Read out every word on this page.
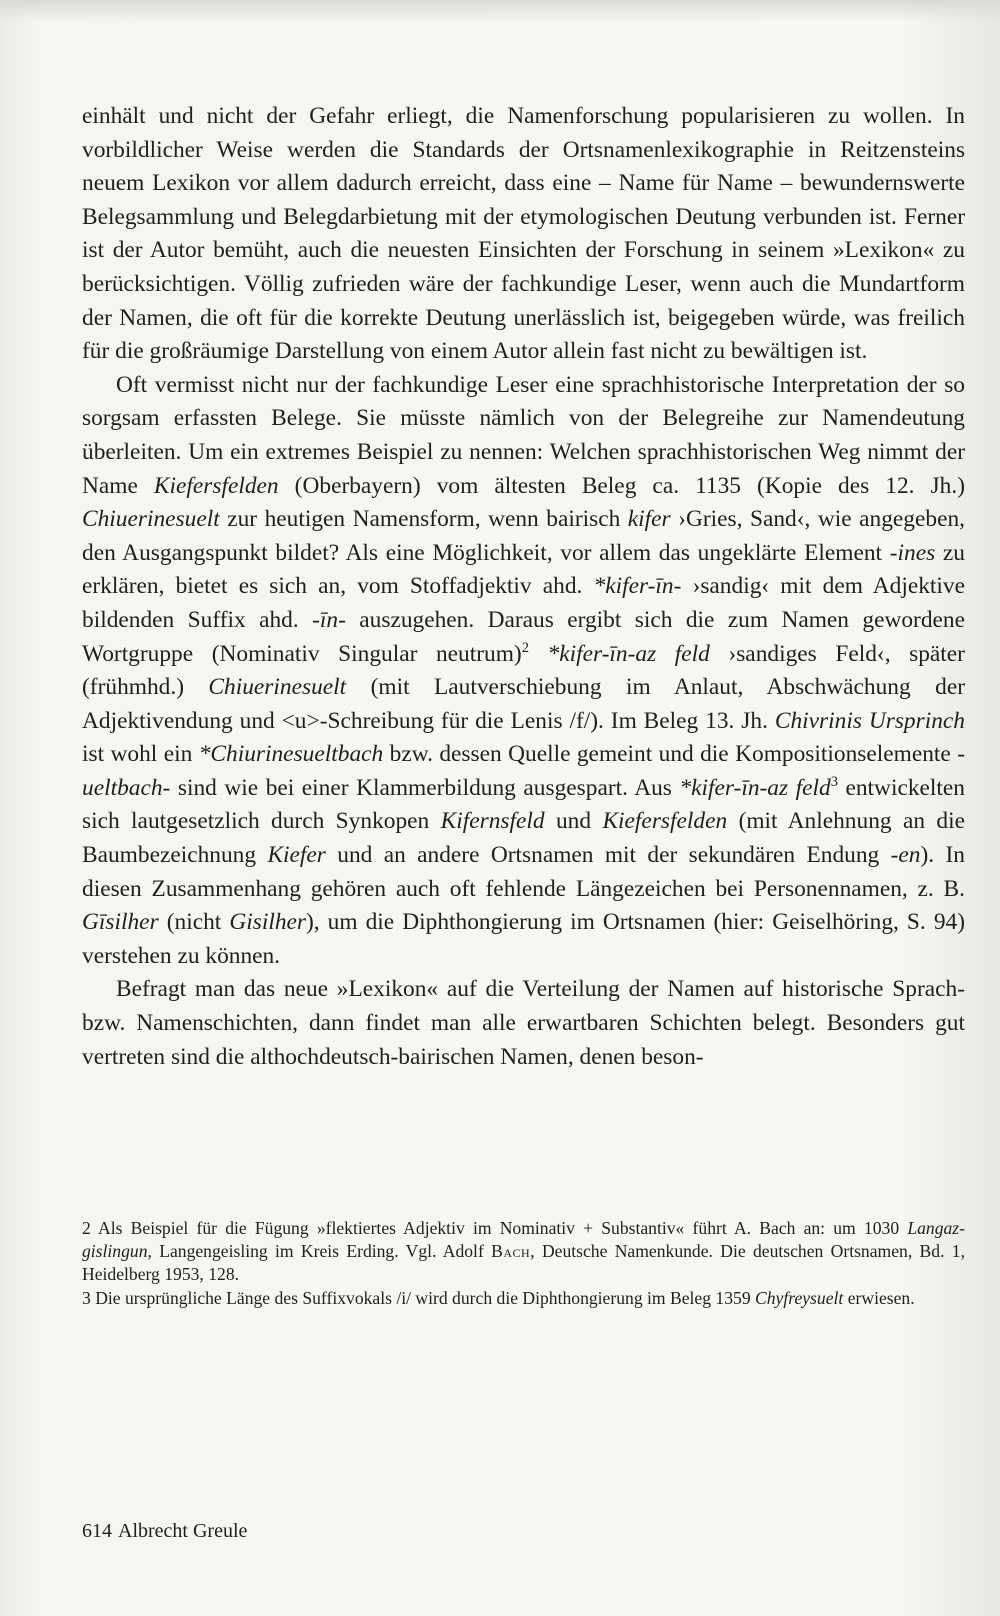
einhält und nicht der Gefahr erliegt, die Namenforschung popularisieren zu wollen. In vorbildlicher Weise werden die Standards der Ortsnamenlexikographie in Reitzensteins neuem Lexikon vor allem dadurch erreicht, dass eine – Name für Name – bewundernswerte Belegsammlung und Belegdarbietung mit der etymologischen Deutung verbunden ist. Ferner ist der Autor bemüht, auch die neuesten Einsichten der Forschung in seinem »Lexikon« zu berücksichtigen. Völlig zufrieden wäre der fachkundige Leser, wenn auch die Mundartform der Namen, die oft für die korrekte Deutung unerlässlich ist, beigegeben würde, was freilich für die großräumige Darstellung von einem Autor allein fast nicht zu bewältigen ist.

Oft vermisst nicht nur der fachkundige Leser eine sprachhistorische Interpretation der so sorgsam erfassten Belege. Sie müsste nämlich von der Belegreihe zur Namendeutung überleiten. Um ein extremes Beispiel zu nennen: Welchen sprachhistorischen Weg nimmt der Name Kiefersfelden (Oberbayern) vom ältesten Beleg ca. 1135 (Kopie des 12. Jh.) Chiuerinesuelt zur heutigen Namensform, wenn bairisch kifer ›Gries, Sand‹, wie angegeben, den Ausgangspunkt bildet? Als eine Möglichkeit, vor allem das ungeklärte Element -ines zu erklären, bietet es sich an, vom Stoffadjektiv ahd. *kifer-īn- ›sandig‹ mit dem Adjektive bildenden Suffix ahd. -īn- auszugehen. Daraus ergibt sich die zum Namen gewordene Wortgruppe (Nominativ Singular neutrum)$^2$ *kifer-īn-az feld ›sandiges Feld‹, später (frühmhd.) Chiuerinesuelt (mit Lautverschiebung im Anlaut, Abschwächung der Adjektivendung und <u>-Schreibung für die Lenis /f/). Im Beleg 13. Jh. Chivrinis Ursprinch ist wohl ein *Chiurinesueltbach bzw. dessen Quelle gemeint und die Kompositionselemente -ueltbach- sind wie bei einer Klammerbildung ausgespart. Aus *kifer-īn-az feld$^3$ entwickelten sich lautgesetzlich durch Synkopen Kifernsfeld und Kiefersfelden (mit Anlehnung an die Baumbezeichnung Kiefer und an andere Ortsnamen mit der sekundären Endung -en). In diesen Zusammenhang gehören auch oft fehlende Längezeichen bei Personennamen, z. B. Gīsilher (nicht Gisilher), um die Diphthongierung im Ortsnamen (hier: Geiselhöring, S. 94) verstehen zu können.

Befragt man das neue »Lexikon« auf die Verteilung der Namen auf historische Sprach- bzw. Namenschichten, dann findet man alle erwartbaren Schichten belegt. Besonders gut vertreten sind die althochdeutsch-bairischen Namen, denen beson-

2 Als Beispiel für die Fügung »flektiertes Adjektiv im Nominativ + Substantiv« führt A. Bach an: um 1030 Langaz-gislingun, Langengeisling im Kreis Erding. Vgl. Adolf Bach, Deutsche Namenkunde. Die deutschen Ortsnamen, Bd. 1, Heidelberg 1953, 128.

3 Die ursprüngliche Länge des Suffixvokals /i/ wird durch die Diphthongierung im Beleg 1359 Chyfreysuelt erwiesen.

614 Albrecht Greule
